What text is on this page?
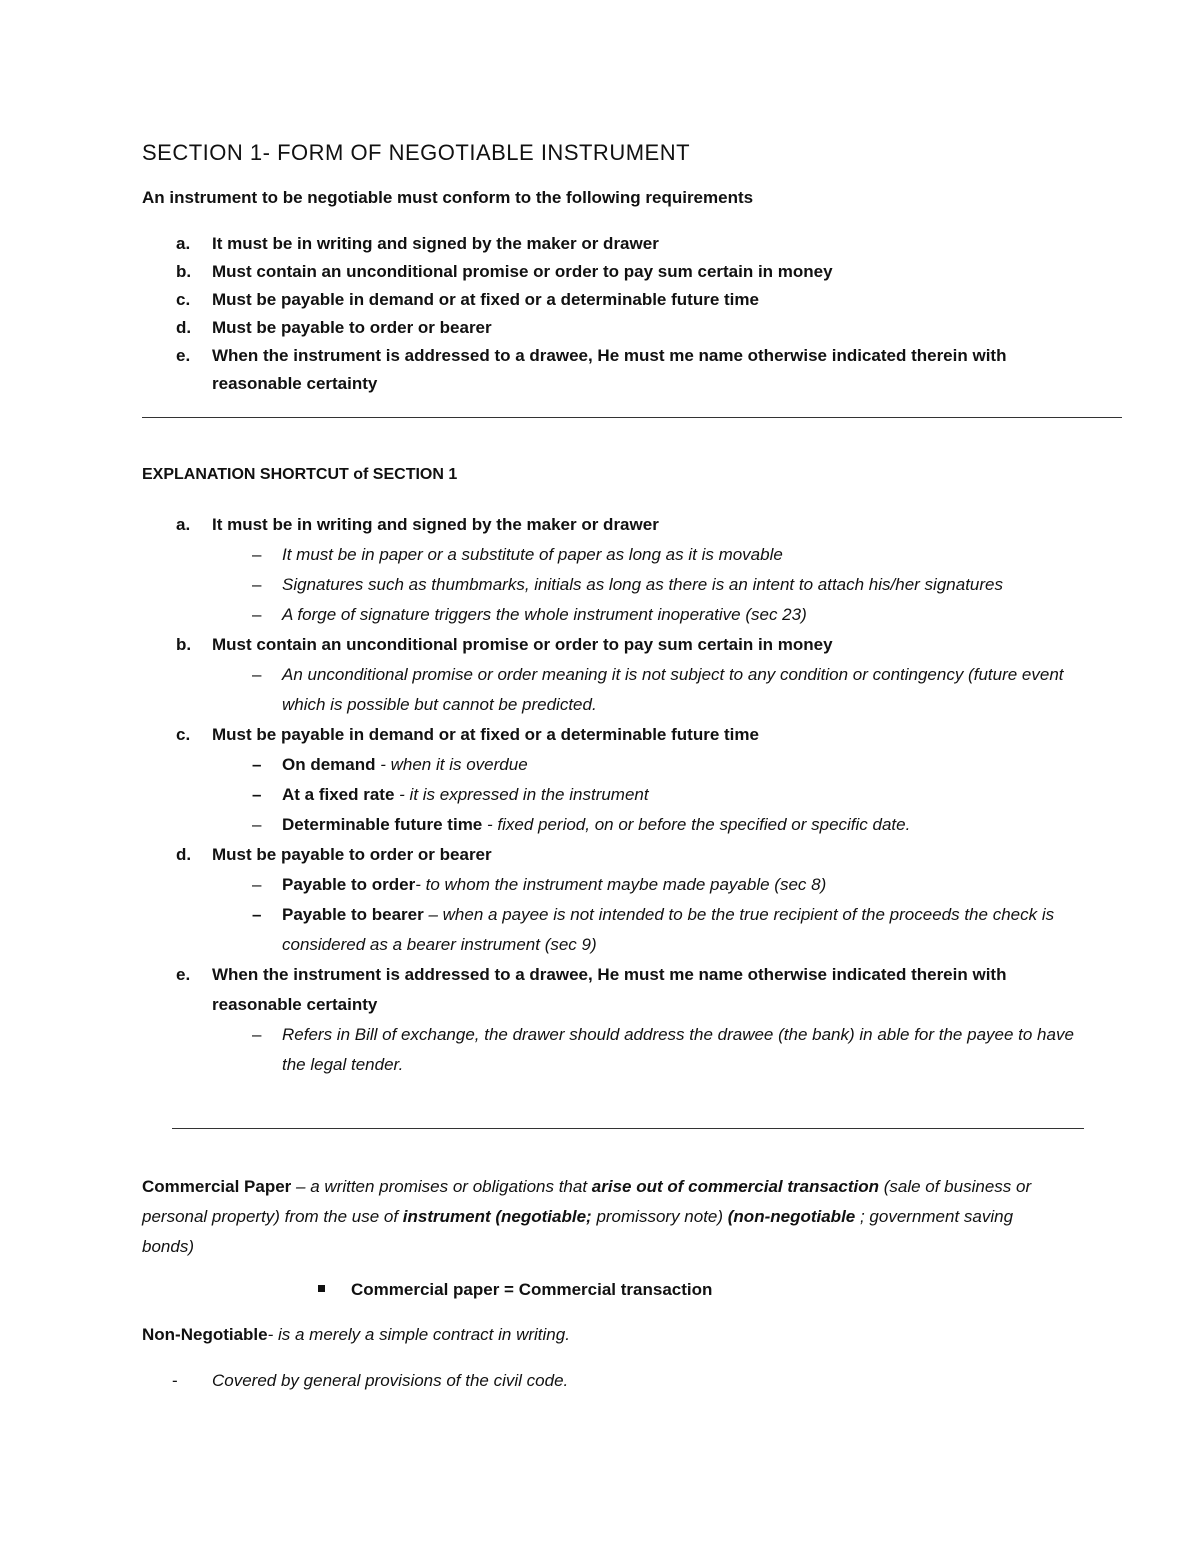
SECTION 1- FORM OF NEGOTIABLE INSTRUMENT
An instrument to be negotiable must conform to the following requirements
a. It must be in writing and signed by the maker or drawer
b. Must contain an unconditional promise or order to pay sum certain in money
c. Must be payable in demand or at fixed or a determinable future time
d. Must be payable to order or bearer
e. When the instrument is addressed to a drawee, He must me name otherwise indicated therein with reasonable certainty
EXPLANATION SHORTCUT of SECTION 1
a. It must be in writing and signed by the maker or drawer
– It must be in paper or a substitute of paper as long as it is movable
– Signatures such as thumbmarks, initials as long as there is an intent to attach his/her signatures
– A forge of signature triggers the whole instrument inoperative (sec 23)
b. Must contain an unconditional promise or order to pay sum certain in money
– An unconditional promise or order meaning it is not subject to any condition or contingency (future event which is possible but cannot be predicted.
c. Must be payable in demand or at fixed or a determinable future time
– On demand - when it is overdue
– At a fixed rate - it is expressed in the instrument
– Determinable future time - fixed period, on or before the specified or specific date.
d. Must be payable to order or bearer
– Payable to order- to whom the instrument maybe made payable (sec 8)
– Payable to bearer – when a payee is not intended to be the true recipient of the proceeds the check is considered as a bearer instrument (sec 9)
e. When the instrument is addressed to a drawee, He must me name otherwise indicated therein with reasonable certainty
– Refers in Bill of exchange, the drawer should address the drawee (the bank) in able for the payee to have the legal tender.
Commercial Paper – a written promises or obligations that arise out of commercial transaction (sale of business or personal property) from the use of instrument (negotiable; promissory note) (non-negotiable ; government saving bonds)
Commercial paper = Commercial transaction
Non-Negotiable- is a merely a simple contract in writing.
- Covered by general provisions of the civil code.
